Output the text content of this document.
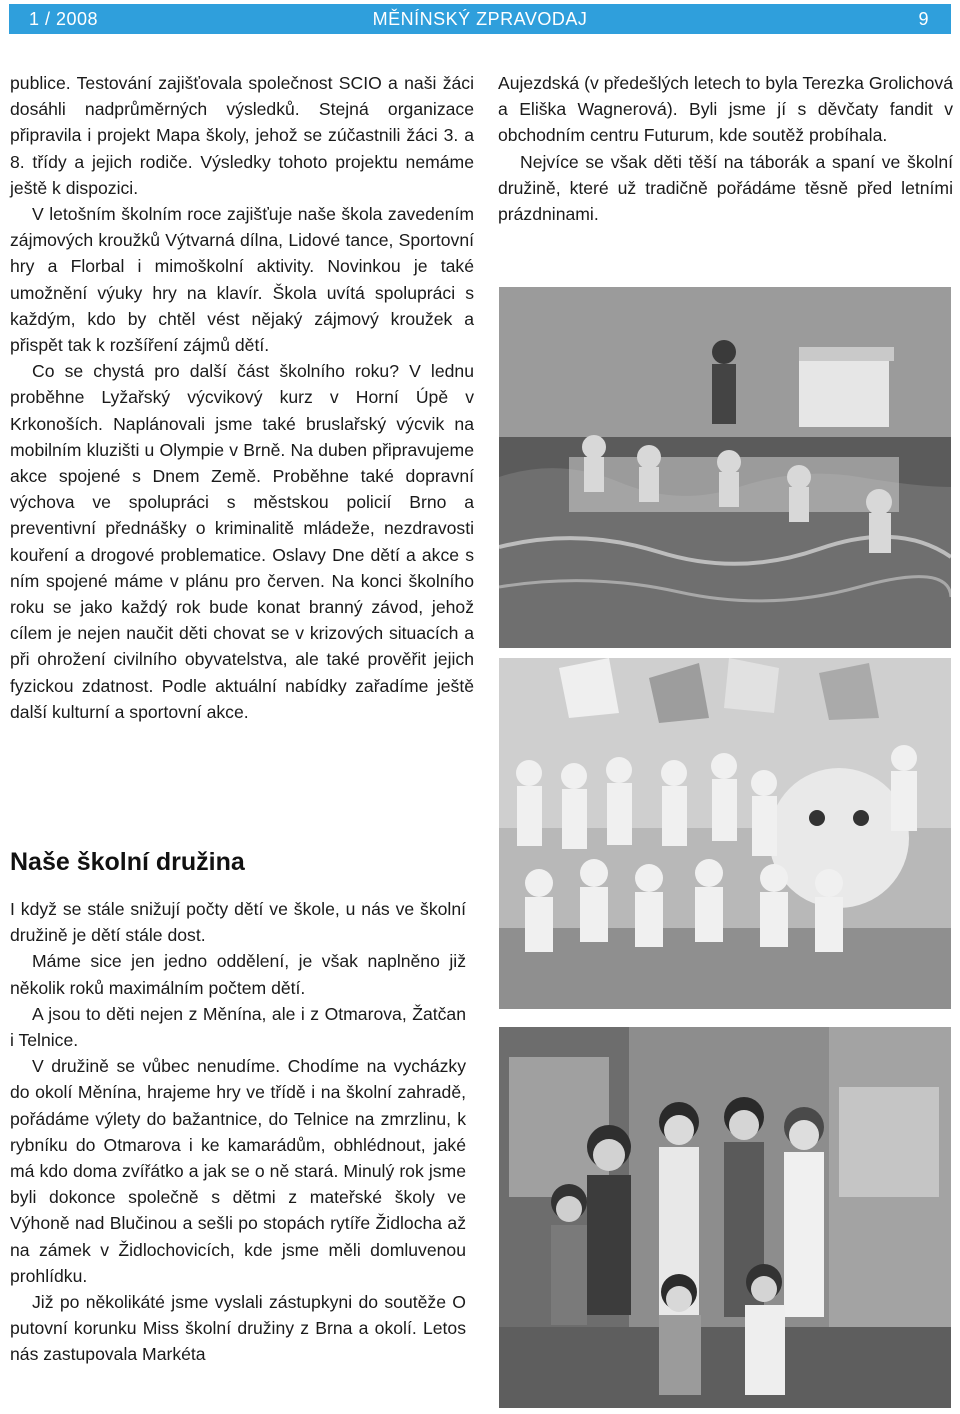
1 / 2008	MĚNÍNSKÝ ZPRAVODAJ	9

publice. Testování zajišťovala společnost SCIO a naši žáci dosáhli nadprůměrných výsledků. Stejná organizace připravila i projekt Mapa školy, jehož se zúčastnili žáci 3. a 8. třídy a jejich rodiče. Výsledky tohoto projektu nemáme ještě k dispozici.

V letošním školním roce zajišťuje naše škola zavedením zájmových kroužků Výtvarná dílna, Lidové tance, Sportovní hry a Florbal i mimoškolní aktivity. Novinkou je také umožnění výuky hry na klavír. Škola uvítá spolupráci s každým, kdo by chtěl vést nějaký zájmový kroužek a přispět tak k rozšíření zájmů dětí.

Co se chystá pro další část školního roku? V lednu proběhne Lyžařský výcvikový kurz v Horní Úpě v Krkonoších. Naplánovali jsme také bruslařský výcvik na mobilním kluzišti u Olympie v Brně. Na duben připravujeme akce spojené s Dnem Země. Proběhne také dopravní výchova ve spolupráci s městskou policií Brno a preventivní přednášky o kriminalitě mládeže, nezdravosti kouření a drogové problematice. Oslavy Dne dětí a akce s ním spojené máme v plánu pro červen. Na konci školního roku se jako každý rok bude konat branný závod, jehož cílem je nejen naučit děti chovat se v krizových situacích a při ohrožení civilního obyvatelstva, ale také prověřit jejich fyzickou zdatnost. Podle aktuální nabídky zařadíme ještě další kulturní a sportovní akce.

Naše školní družina

I když se stále snižují počty dětí ve škole, u nás ve školní družině je dětí stále dost.

Máme sice jen jedno oddělení, je však naplněno již několik roků maximálním počtem dětí.

A jsou to děti nejen z Měnína, ale i z Otmarova, Žatčan i Telnice.

V družině se vůbec nenudíme. Chodíme na vycházky do okolí Měnína, hrajeme hry ve třídě i na školní zahradě, pořádáme výlety do bažantnice, do Telnice na zmrzlinu, k rybníku do Otmarova i ke kamarádům, obhlédnout, jaké má kdo doma zvířátko a jak se o ně stará. Minulý rok jsme byli dokonce společně s dětmi z mateřské školy ve Výhoně nad Blučinou a sešli po stopách rytíře Židlocha až na zámek v Židlochovicích, kde jsme měli domluvenou prohlídku.

Již po několikáté jsme vyslali zástupkyni do soutěže O putovní korunku Miss školní družiny z Brna a okolí. Letos nás zastupovala Markéta

Aujezdská (v předešlých letech to byla Terezka Grolichová a Eliška Wagnerová). Byli jsme jí s děvčaty fandit v obchodním centru Futurum, kde soutěž probíhala.

Nejvíce se však děti těší na táborák a spaní ve školní družině, které už tradičně pořádáme těsně před letními prázdninami.
